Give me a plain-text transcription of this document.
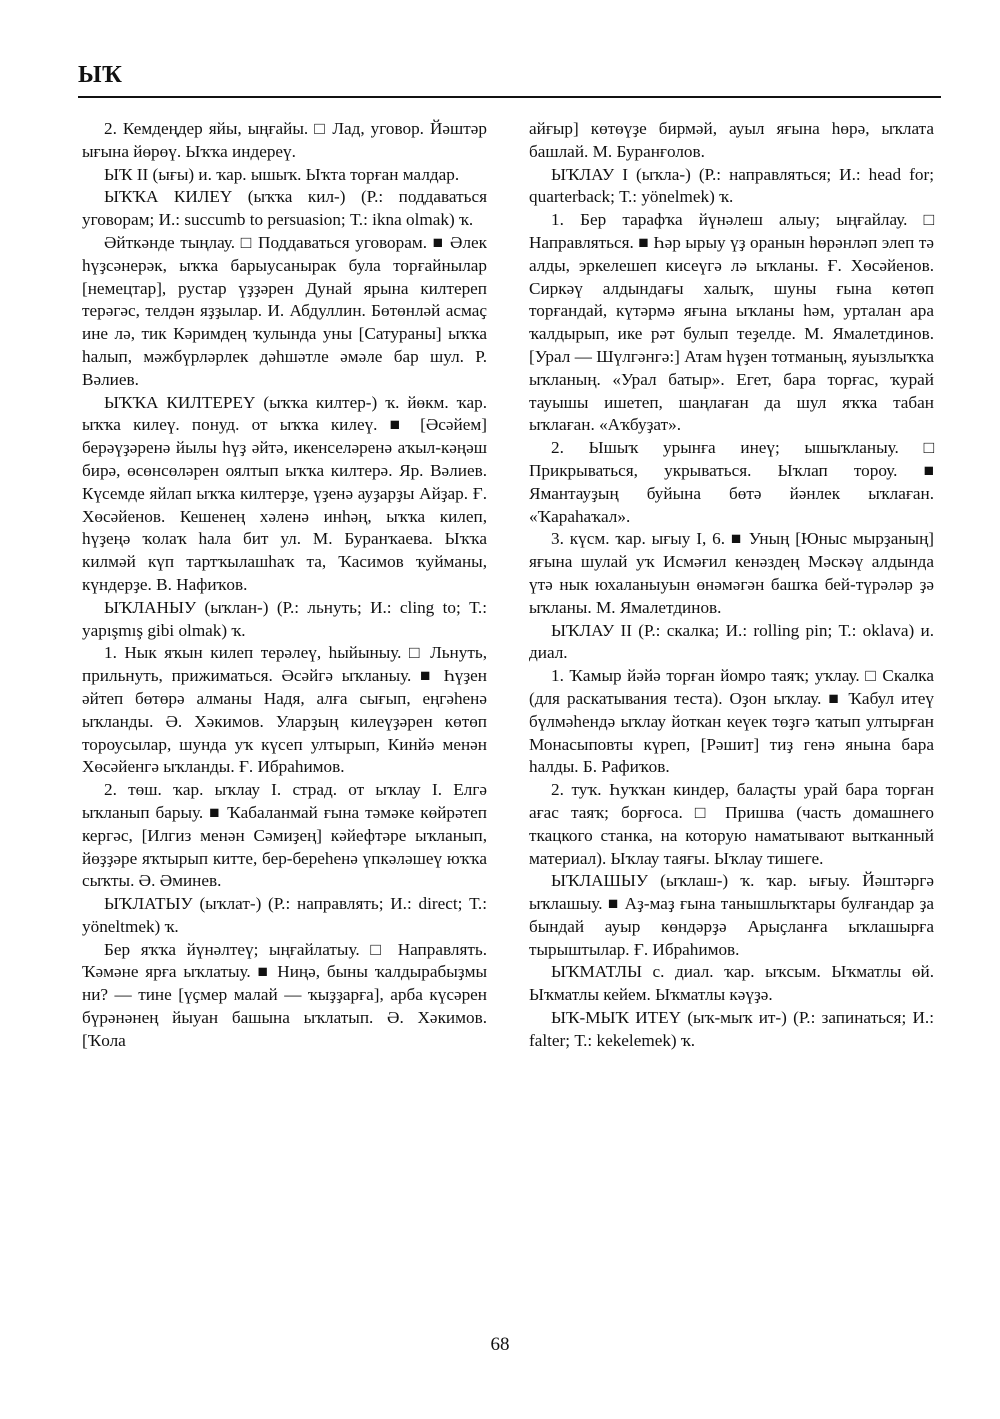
ЫҠ

2. Кемдеңдер яйы, ыңғайы. □ Лад, уговор. Йәштәр ығына йөрөү. Ыҡҡа индереү.

ЫҠ II (ығы) и. ҡар. ышыҡ. Ыҡта торған малдар.

ЫҠҠА КИЛЕҮ (ыҡҡа кил-) (Р.: поддаваться уговорам; И.: succumb to persuasion; Т.: ikna olmak) ҡ.

Әйткәнде тыңлау. □ Поддаваться уговорам. ■ Әлек һүҙсәнерәк, ыҡҡа барыусанырак була торғайнылар [немецтар], рустар үҙҙәрен Дунай ярына килтереп терәгәс, телдән яҙҙылар. И. Абдуллин. Бөтөнләй асмаҫ ине лә, тик Кәримдең ҡулында уны [Сатураны] ыҡҡа һалып, мәжбүрләрлек дәһшәтле әмәле бар шул. Р. Вәлиев.

ЫҠҠА КИЛТЕРЕҮ (ыҡҡа килтер-) ҡ. йөкм. ҡар. ыҡҡа килеү. понуд. от ыҡҡа килеү. ■ [Әсәйем] берәүҙәренә йылы һүҙ әйтә, икенселәренә аҡыл-кәңәш бирә, өсөнсөләрен оялтып ыҡҡа килтерә. Яр. Вәлиев. Күсемде яйлап ыҡҡа килтерҙе, үҙенә ауҙарҙы Айҙар. Ғ. Хөсәйенов. Кешенең хәленә инһәң, ыҡҡа килеп, һүҙеңә ҡолаҡ һала бит ул. М. Буранҡаева. Ыҡҡа килмәй күп тартҡылашһаҡ та, Ҡасимов ҡуйманы, күндерҙе. В. Нафиҡов.

ЫҠЛАНЫУ (ыҡлан-) (Р.: льнуть; И.: cling to; Т.: yapışmış gibi olmak) ҡ.

1. Нык яҡын килеп терәлеү, һыйыныу. □ Льнуть, прильнуть, прижиматься. Әсәйгә ыҡланыу. ■ Һүҙен әйтеп бөтөрә алманы Надя, алға сығып, еңгәһенә ыҡланды. Ә. Хәкимов. Уларҙың килеүҙәрен көтөп тороусылар, шунда уҡ күсеп ултырып, Кинйә менән Хөсәйенгә ыҡланды. Ғ. Ибраһимов.

2. төш. ҡар. ыҡлау I. страд. от ыҡлау I. Елгә ыҡланып барыу. ■ Ҡабаланмай ғына тәмәке көйрәтеп кергәс, [Илгиз менән Сәмиҙең] кәйефтәре ыҡланып, йөҙҙәре яҡтырып китте, бер-береһенә үпкәләшеү юҡҡа сыҡты. Ә. Әминев.

ЫҠЛАТЫУ (ыҡлат-) (Р.: направлять; И.: direct; Т.: yöneltmek) ҡ.

Бер яҡҡа йүнәлтеү; ыңғайлатыу. □ Направлять. Ҡәмәне ярға ыҡлатыу. ■ Ниңә, быны ҡалдырабыҙмы ни? — тине [үҫмер малай — ҡыҙҙарға], арба күсәрен бүрәнәнең йыуан башына ыҡлатып. Ә. Хәкимов. [Ҡола

айғыр] көтөүҙе бирмәй, ауыл яғына һөрә, ыҡлата башлай. М. Буранғолов.

ЫҠЛАУ I (ыҡла-) (Р.: направляться; И.: head for; quarterback; Т.: yönelmek) ҡ.

1. Бер тарафҡа йүнәлеш алыу; ыңғайлау. □ Направляться. ■ Һәр ырыу үҙ оранын һөрәнләп элеп тә алды, эркелешеп кисеүгә лә ыҡланы. Ғ. Хөсәйенов. Сиркәү алдындағы халыҡ, шуны ғына көтөп торғандай, күтәрмә яғына ыҡланы һәм, урталан ара ҡалдырып, ике рәт булып теҙелде. М. Ямалетдинов. [Урал — Шүлгәнгә:] Атам һүҙен тотманың, яуызлыҡҡа ыҡланың. «Урал батыр». Егет, бара торғас, ҡурай тауышы ишетеп, шаңлаған да шул яҡҡа табан ыҡлаған. «Аҡбуҙат».

2. Ышыҡ урынға инеү; ышыҡланыу. □ Прикрываться, укрываться. Ыҡлап тороу. ■ Ямантауҙың буйына бөтә йәнлек ыҡлаған. «Ҡараһаҡал».

3. күсм. ҡар. ығыу I, 6. ■ Уның [Юныс мырҙаның] яғына шулай уҡ Исмәғил кенәздең Мәскәү алдында үтә нык юхаланыуын өнәмәгән башҡа бей-түрәләр ҙә ыҡланы. М. Ямалетдинов.

ЫҠЛАУ II (Р.: скалка; И.: rolling pin; Т.: oklava) и. диал.

1. Ҡамыр йәйә торған йомро таяҡ; уҡлау. □ Скалка (для раскатывания теста). Оҙон ыҡлау. ■ Ҡабул итеү бүлмәһендә ыҡлау йоткан кеүек төҙгә ҡатып ултырған Монасыповты күреп, [Рәшит] тиҙ генә янына бара һалды. Б. Рафиҡов.

2. туҡ. Һуҡҡан киндер, балаҫты урай бара торған ағас таяҡ; борғоса. □ Пришва (часть домашнего ткацкого станка, на которую наматывают вытканный материал). Ыҡлау таяғы. Ыҡлау тишеге.

ЫҠЛАШЫУ (ыҡлаш-) ҡ. ҡар. ығыу. Йәштәргә ыҡлашыу. ■ Аҙ-маҙ ғына танышлыҡтары булғандар ҙа бындай ауыр көндәрҙә Арыҫланға ыҡлашырға тырыштылар. Ғ. Ибраһимов.

ЫҠМАТЛЫ с. диал. ҡар. ыҡсым. Ыҡматлы өй. Ыҡматлы кейем. Ыҡматлы кәүҙә.

ЫҠ-МЫҠ ИТЕҮ (ыҡ-мыҡ ит-) (Р.: запинаться; И.: falter; Т.: kekelemek) ҡ.

68
